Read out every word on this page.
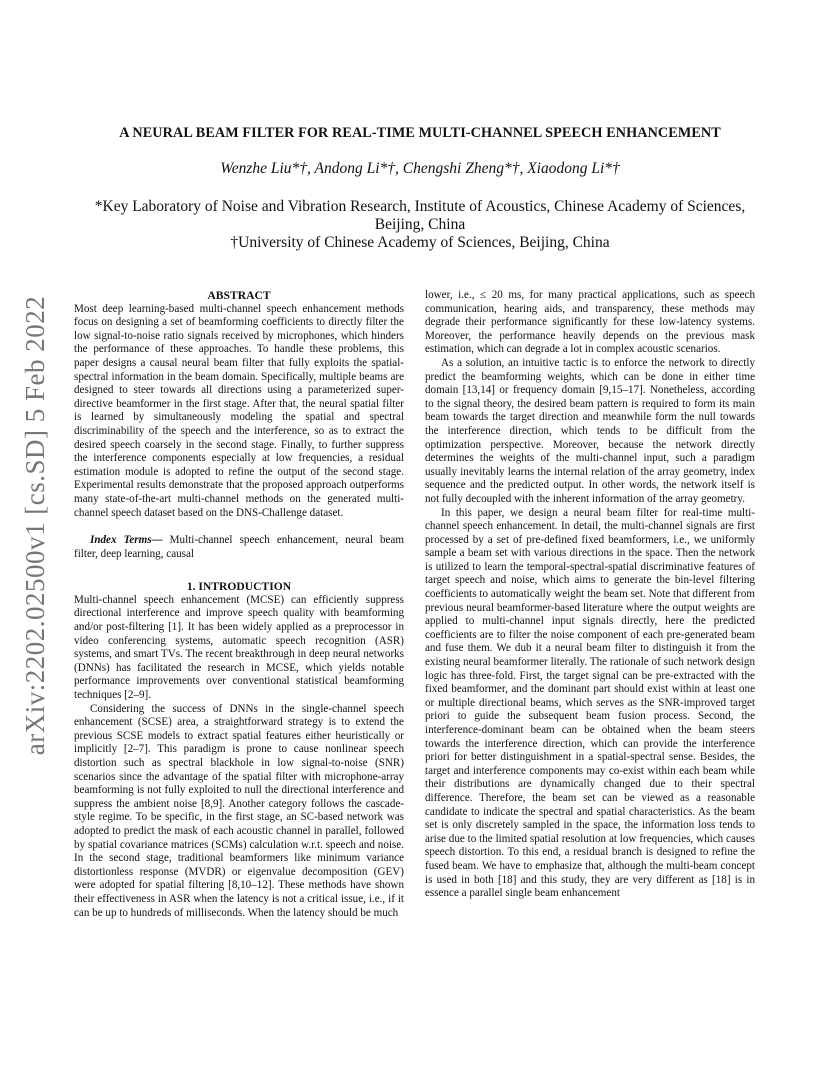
arXiv:2202.02500v1 [cs.SD] 5 Feb 2022
A NEURAL BEAM FILTER FOR REAL-TIME MULTI-CHANNEL SPEECH ENHANCEMENT
Wenzhe Liu*†, Andong Li*†, Chengshi Zheng*†, Xiaodong Li*†
*Key Laboratory of Noise and Vibration Research, Institute of Acoustics, Chinese Academy of Sciences, Beijing, China
†University of Chinese Academy of Sciences, Beijing, China

ABSTRACT

Most deep learning-based multi-channel speech enhancement methods focus on designing a set of beamforming coefficients to directly filter the low signal-to-noise ratio signals received by microphones, which hinders the performance of these approaches. To handle these problems, this paper designs a causal neural beam filter that fully exploits the spatial-spectral information in the beam domain. Specifically, multiple beams are designed to steer towards all directions using a parameterized super-directive beamformer in the first stage. After that, the neural spatial filter is learned by simultaneously modeling the spatial and spectral discriminability of the speech and the interference, so as to extract the desired speech coarsely in the second stage. Finally, to further suppress the interference components especially at low frequencies, a residual estimation module is adopted to refine the output of the second stage. Experimental results demonstrate that the proposed approach outperforms many state-of-the-art multi-channel methods on the generated multi-channel speech dataset based on the DNS-Challenge dataset.

Index Terms— Multi-channel speech enhancement, neural beam filter, deep learning, causal

1. INTRODUCTION

Multi-channel speech enhancement (MCSE) can efficiently suppress directional interference and improve speech quality with beamforming and/or post-filtering [1]. It has been widely applied as a preprocessor in video conferencing systems, automatic speech recognition (ASR) systems, and smart TVs. The recent breakthrough in deep neural networks (DNNs) has facilitated the research in MCSE, which yields notable performance improvements over conventional statistical beamforming techniques [2–9].

Considering the success of DNNs in the single-channel speech enhancement (SCSE) area, a straightforward strategy is to extend the previous SCSE models to extract spatial features either heuristically or implicitly [2–7]. This paradigm is prone to cause nonlinear speech distortion such as spectral blackhole in low signal-to-noise (SNR) scenarios since the advantage of the spatial filter with microphone-array beamforming is not fully exploited to null the directional interference and suppress the ambient noise [8,9]. Another category follows the cascade-style regime. To be specific, in the first stage, an SC-based network was adopted to predict the mask of each acoustic channel in parallel, followed by spatial covariance matrices (SCMs) calculation w.r.t. speech and noise. In the second stage, traditional beamformers like minimum variance distortionless response (MVDR) or eigenvalue decomposition (GEV) were adopted for spatial filtering [8,10–12]. These methods have shown their effectiveness in ASR when the latency is not a critical issue, i.e., if it can be up to hundreds of milliseconds. When the latency should be much

lower, i.e., ≤ 20 ms, for many practical applications, such as speech communication, hearing aids, and transparency, these methods may degrade their performance significantly for these low-latency systems. Moreover, the performance heavily depends on the previous mask estimation, which can degrade a lot in complex acoustic scenarios.

As a solution, an intuitive tactic is to enforce the network to directly predict the beamforming weights, which can be done in either time domain [13,14] or frequency domain [9,15–17]. Nonetheless, according to the signal theory, the desired beam pattern is required to form its main beam towards the target direction and meanwhile form the null towards the interference direction, which tends to be difficult from the optimization perspective. Moreover, because the network directly determines the weights of the multi-channel input, such a paradigm usually inevitably learns the internal relation of the array geometry, index sequence and the predicted output. In other words, the network itself is not fully decoupled with the inherent information of the array geometry.

In this paper, we design a neural beam filter for real-time multi-channel speech enhancement. In detail, the multi-channel signals are first processed by a set of pre-defined fixed beamformers, i.e., we uniformly sample a beam set with various directions in the space. Then the network is utilized to learn the temporal-spectral-spatial discriminative features of target speech and noise, which aims to generate the bin-level filtering coefficients to automatically weight the beam set. Note that different from previous neural beamformer-based literature where the output weights are applied to multi-channel input signals directly, here the predicted coefficients are to filter the noise component of each pre-generated beam and fuse them. We dub it a neural beam filter to distinguish it from the existing neural beamformer literally. The rationale of such network design logic has three-fold. First, the target signal can be pre-extracted with the fixed beamformer, and the dominant part should exist within at least one or multiple directional beams, which serves as the SNR-improved target priori to guide the subsequent beam fusion process. Second, the interference-dominant beam can be obtained when the beam steers towards the interference direction, which can provide the interference priori for better distinguishment in a spatial-spectral sense. Besides, the target and interference components may co-exist within each beam while their distributions are dynamically changed due to their spectral difference. Therefore, the beam set can be viewed as a reasonable candidate to indicate the spectral and spatial characteristics. As the beam set is only discretely sampled in the space, the information loss tends to arise due to the limited spatial resolution at low frequencies, which causes speech distortion. To this end, a residual branch is designed to refine the fused beam. We have to emphasize that, although the multi-beam concept is used in both [18] and this study, they are very different as [18] is in essence a parallel single beam enhancement
